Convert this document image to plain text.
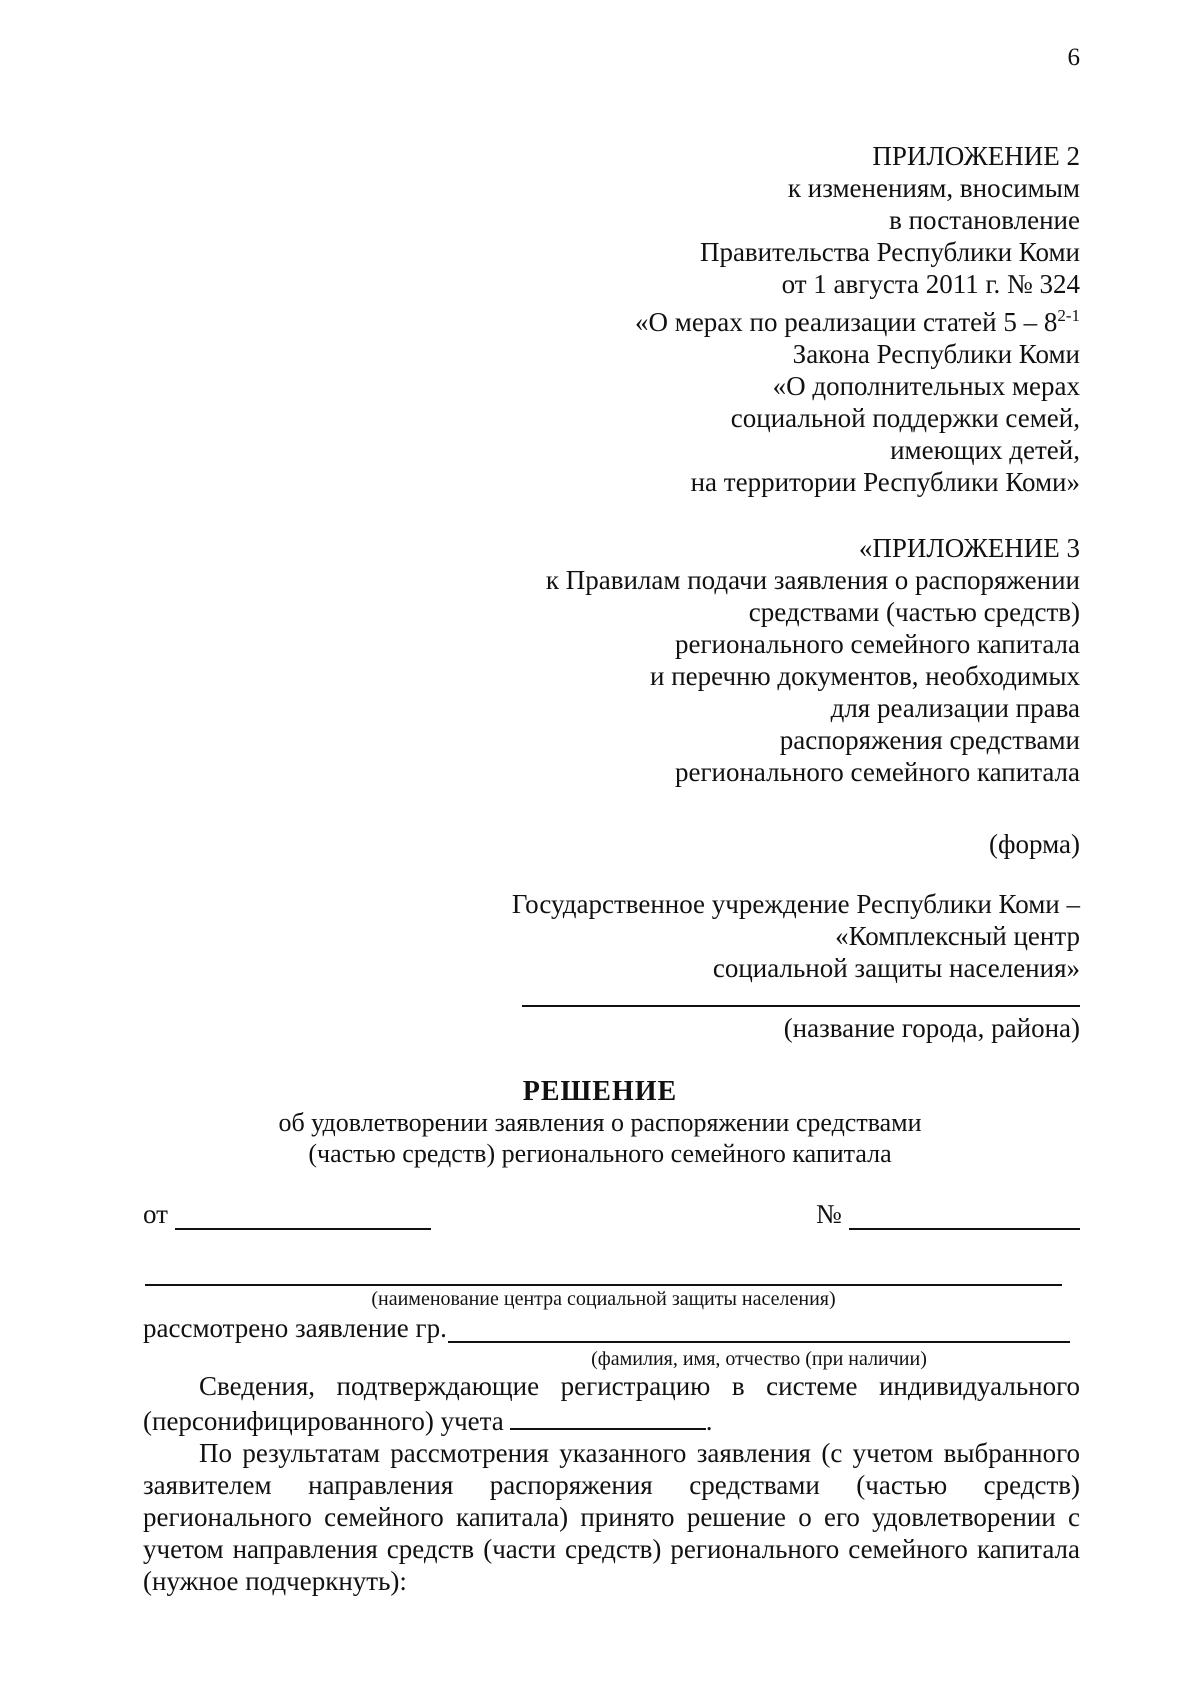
6
ПРИЛОЖЕНИЕ 2
к изменениям, вносимым
в постановление
Правительства Республики Коми
от 1 августа 2011 г. № 324
«О мерах по реализации статей 5 – 8$^{2-1}$
Закона Республики Коми
«О дополнительных мерах
социальной поддержки семей,
имеющих детей,
на территории Республики Коми»
«ПРИЛОЖЕНИЕ 3
к Правилам подачи заявления о распоряжении
средствами (частью средств)
регионального семейного капитала
и перечню документов, необходимых
для реализации права
распоряжения средствами
регионального семейного капитала
(форма)
Государственное учреждение Республики Коми –
«Комплексный центр
социальной защиты населения»
(название города, района)
РЕШЕНИЕ
об удовлетворении заявления о распоряжении средствами
(частью средств) регионального семейного капитала
от	№
(наименование центра социальной защиты населения)
рассмотрено заявление гр.
(фамилия, имя, отчество (при наличии)
Сведения, подтверждающие регистрацию в системе индивидуального
(персонифицированного) учета	.
По результатам рассмотрения указанного заявления (с учетом выбранного
заявителем направления распоряжения средствами (частью средств)
регионального семейного капитала) принято решение о его удовлетворении с
учетом направления средств (части средств) регионального семейного капитала
(нужное подчеркнуть):
